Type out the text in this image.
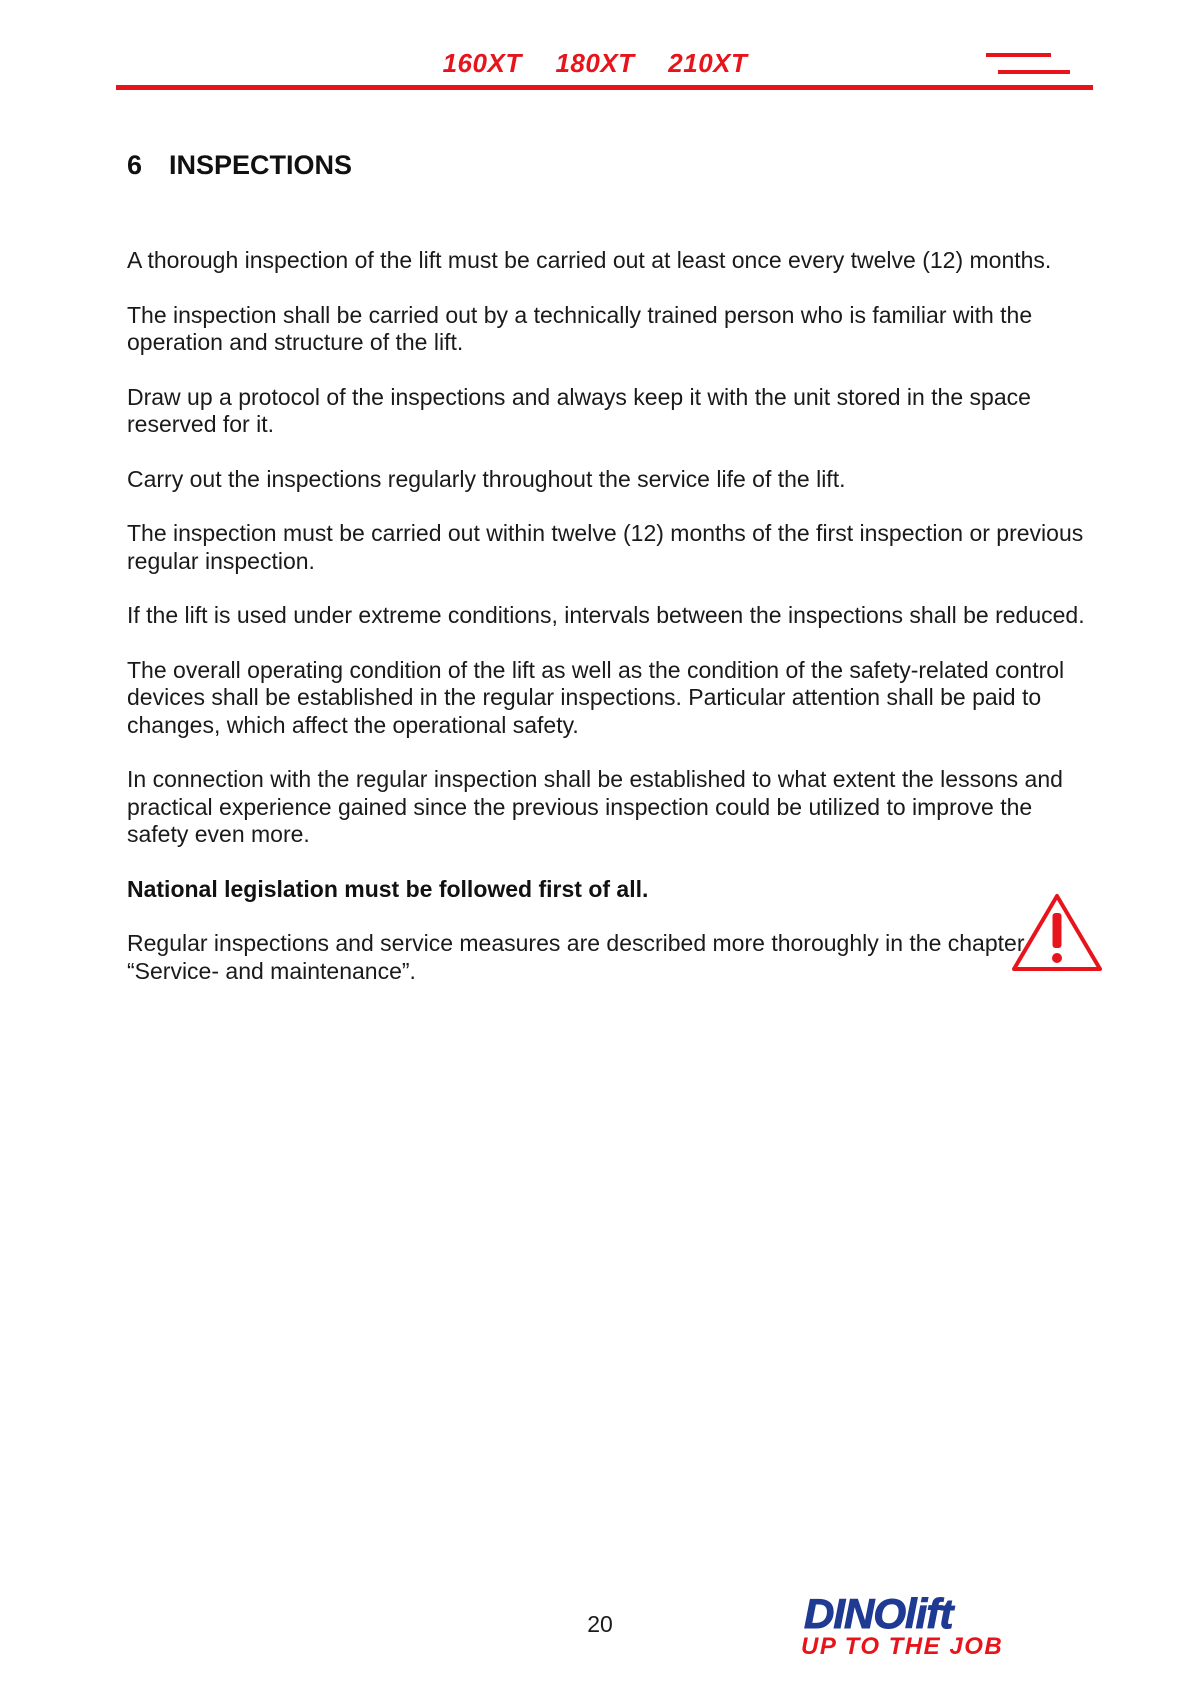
160XT 180XT 210XT
6 INSPECTIONS

A thorough inspection of the lift must be carried out at least once every twelve (12) months.

The inspection shall be carried out by a technically trained person who is familiar with the operation and structure of the lift.

Draw up a protocol of the inspections and always keep it with the unit stored in the space reserved for it.

Carry out the inspections regularly throughout the service life of the lift.

The inspection must be carried out within twelve (12) months of the first inspection or previous regular inspection.

If the lift is used under extreme conditions, intervals between the inspections shall be reduced.

The overall operating condition of the lift as well as the condition of the safety-related control devices shall be established in the regular inspections. Particular attention shall be paid to changes, which affect the operational safety.

In connection with the regular inspection shall be established to what extent the lessons and practical experience gained since the previous inspection could be utilized to improve the safety even more.

National legislation must be followed first of all.

Regular inspections and service measures are described more thoroughly in the chapter “Service- and maintenance”.

20	DINOlift
UP TO THE JOB
